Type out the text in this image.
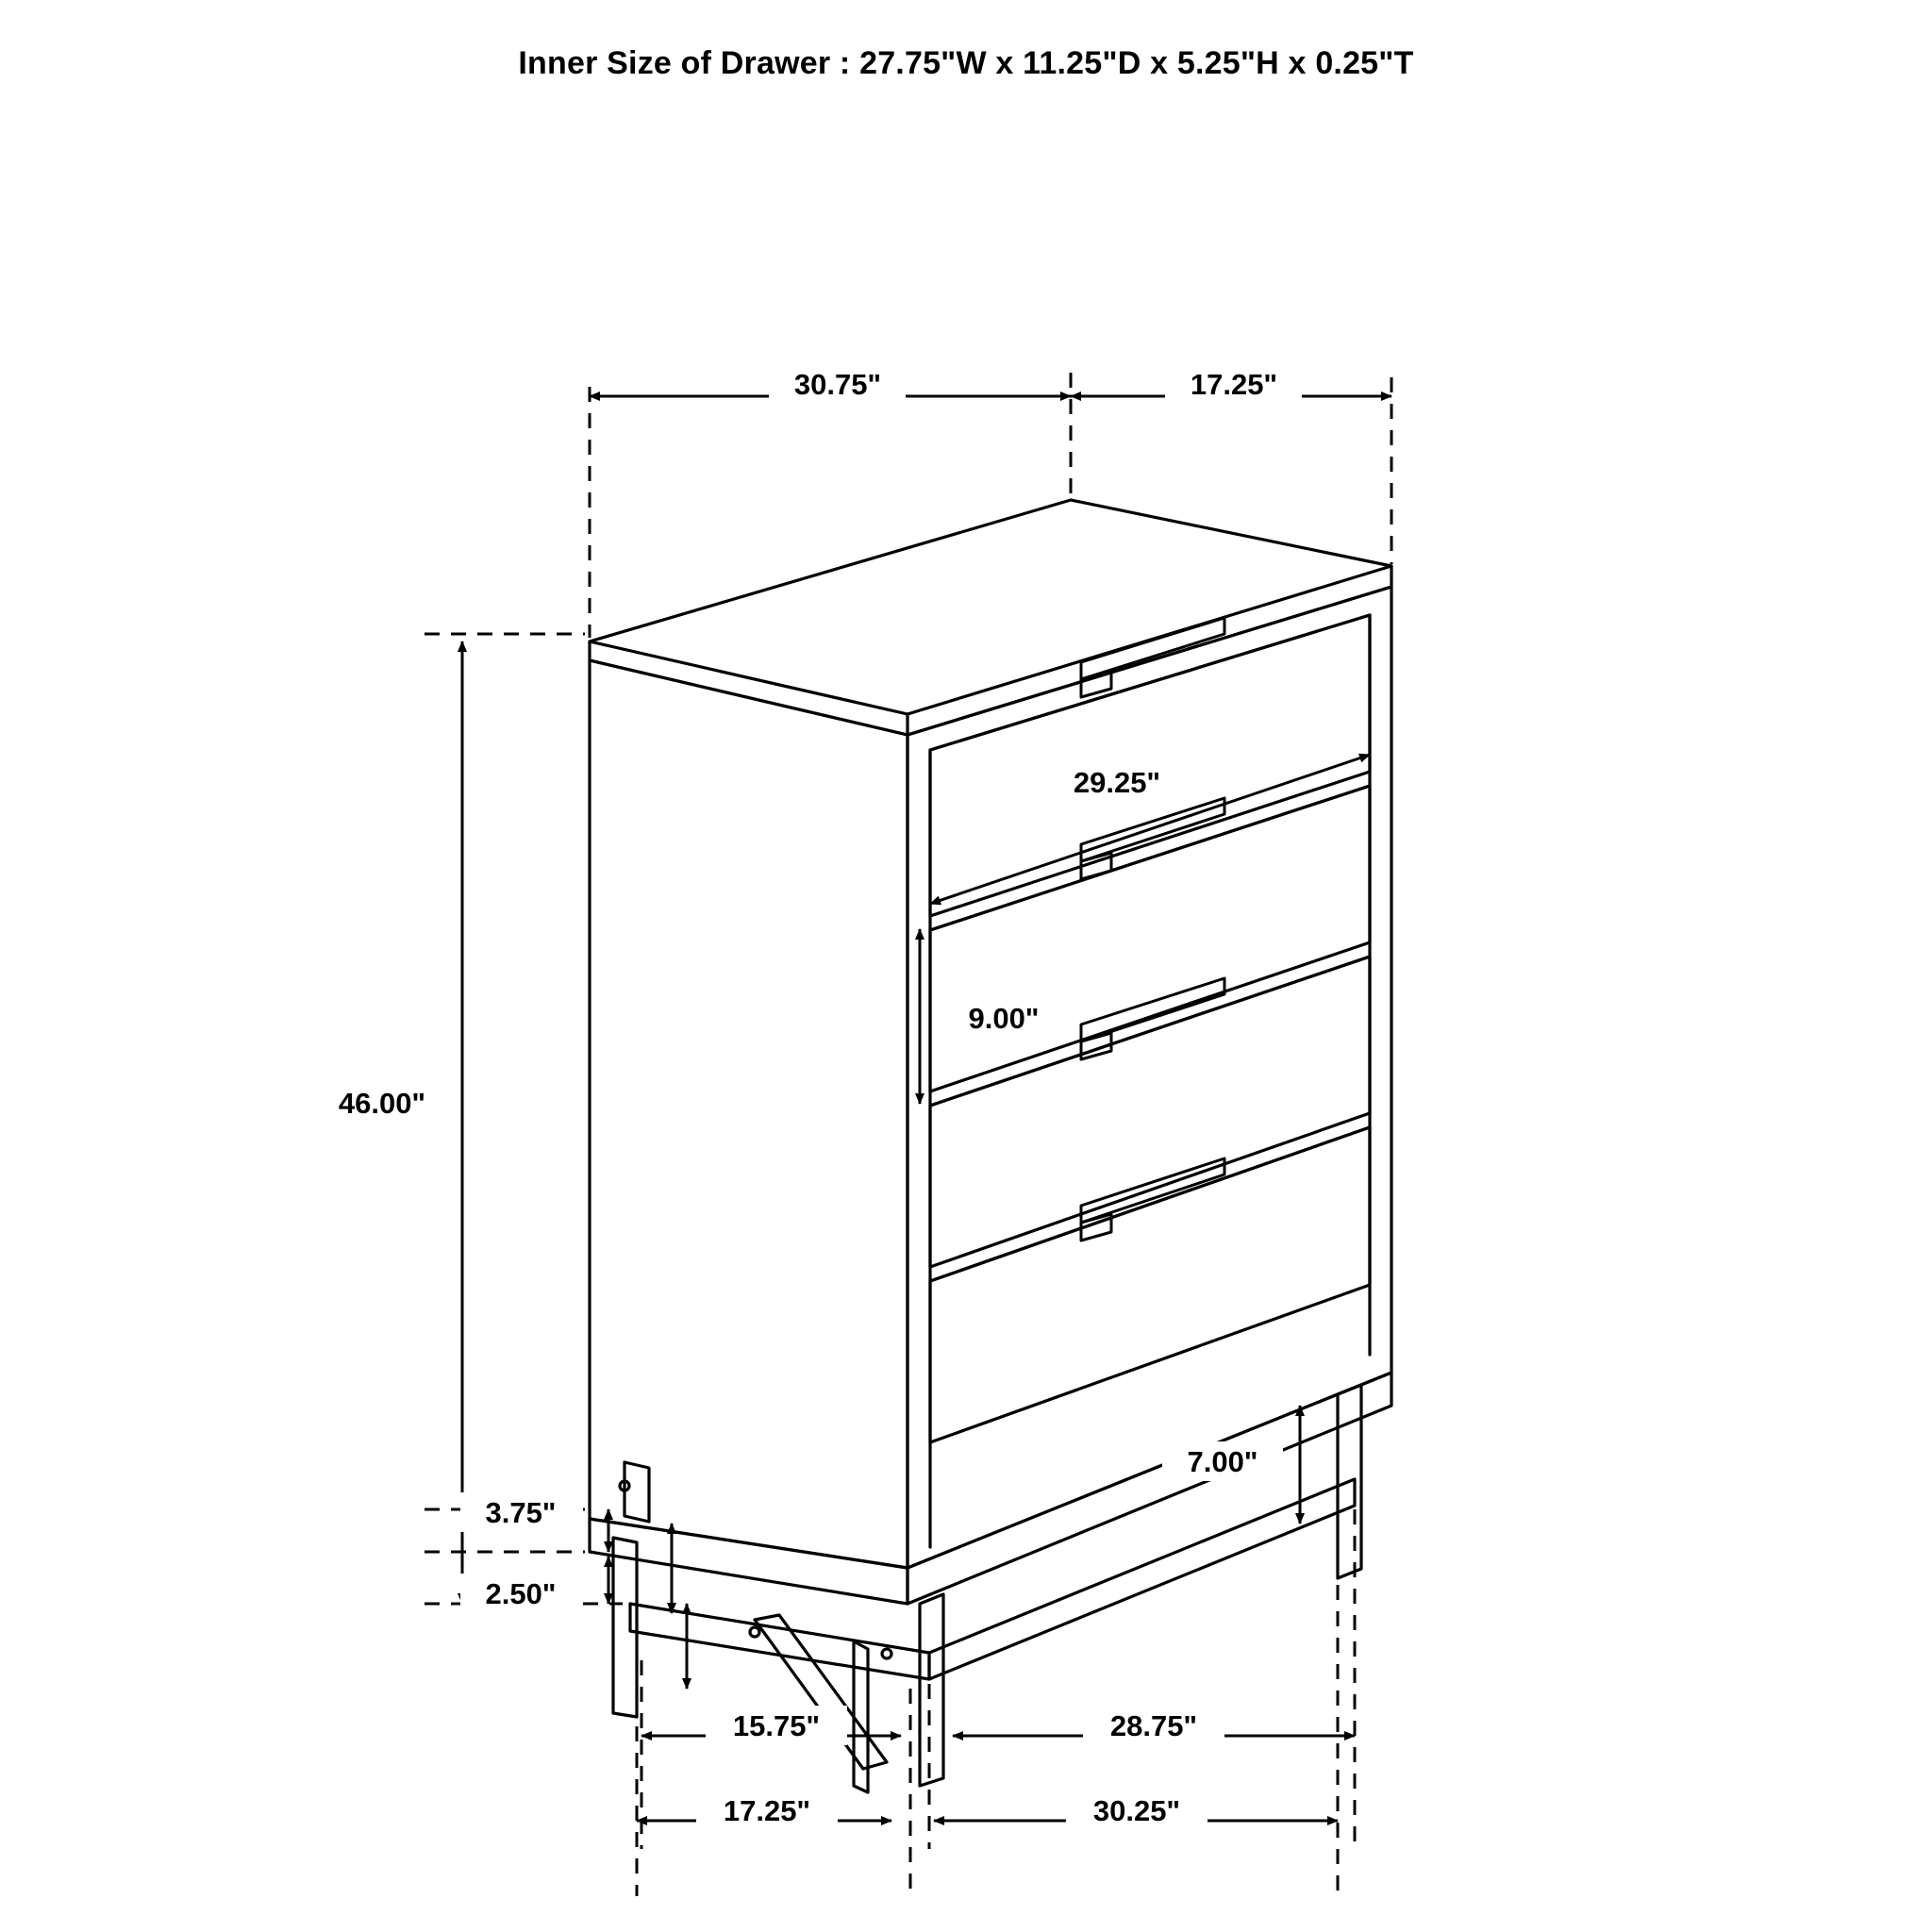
Inner Size of Drawer : 27.75"W x 11.25"D x 5.25"H x 0.25"T
30.75"	17.25"
46.00"
29.25"
9.00"
7.00"
3.75"
2.50"
15.75"	28.75"
17.25"	30.25"
